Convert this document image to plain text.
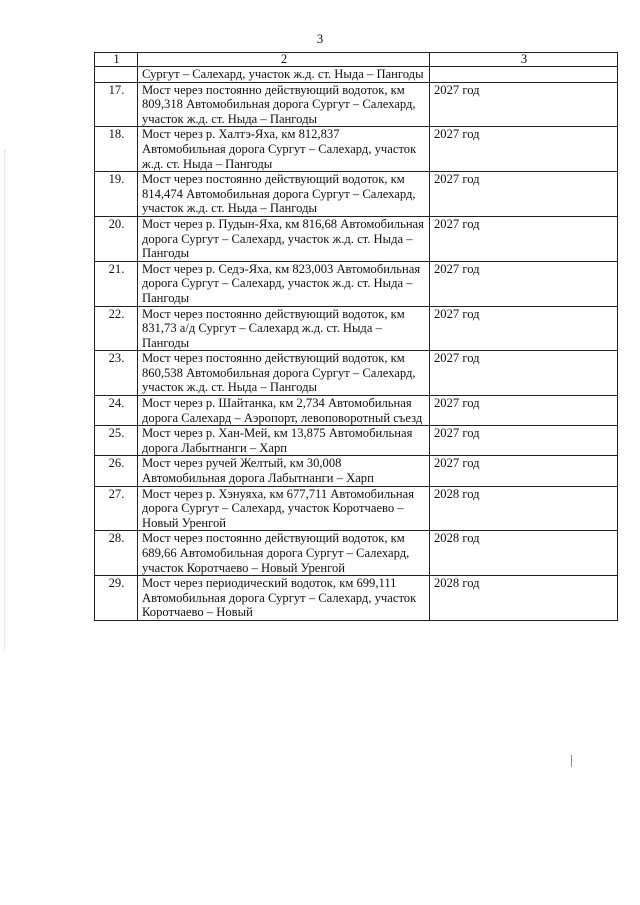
3
1	2	3
	Сургут – Салехард, участок ж.д. ст. Ныда – Пангоды	
17.	Мост через постоянно действующий водоток, км 809,318 Автомобильная дорога Сургут – Салехард, участок ж.д. ст. Ныда – Пангоды	2027 год
18.	Мост через р. Халтэ-Яха, км 812,837 Автомобильная дорога Сургут – Салехард, участок ж.д. ст. Ныда – Пангоды	2027 год
19.	Мост через постоянно действующий водоток, км 814,474 Автомобильная дорога Сургут – Салехард, участок ж.д. ст. Ныда – Пангоды	2027 год
20.	Мост через р. Пудын-Яха, км 816,68 Автомобильная дорога Сургут – Салехард, участок ж.д. ст. Ныда – Пангоды	2027 год
21.	Мост через р. Седэ-Яха, км 823,003 Автомобильная дорога Сургут – Салехард, участок ж.д. ст. Ныда – Пангоды	2027 год
22.	Мост через постоянно действующий водоток, км 831,73 а/д Сургут – Салехард ж.д. ст. Ныда – Пангоды	2027 год
23.	Мост через постоянно действующий водоток, км 860,538 Автомобильная дорога Сургут – Салехард, участок ж.д. ст. Ныда – Пангоды	2027 год
24.	Мост через р. Шайтанка, км 2,734 Автомобильная дорога Салехард – Аэропорт, левоповоротный съезд	2027 год
25.	Мост через р. Хан-Мей, км 13,875 Автомобильная дорога Лабытнанги – Харп	2027 год
26.	Мост через ручей Желтый, км 30,008 Автомобильная дорога Лабытнанги – Харп	2027 год
27.	Мост через р. Хэнуяха, км 677,711 Автомобильная дорога Сургут – Салехард, участок Коротчаево – Новый Уренгой	2028 год
28.	Мост через постоянно действующий водоток, км 689,66 Автомобильная дорога Сургут – Салехард, участок Коротчаево – Новый Уренгой	2028 год
29.	Мост через периодический водоток, км 699,111 Автомобильная дорога Сургут – Салехард, участок Коротчаево – Новый	2028 год
